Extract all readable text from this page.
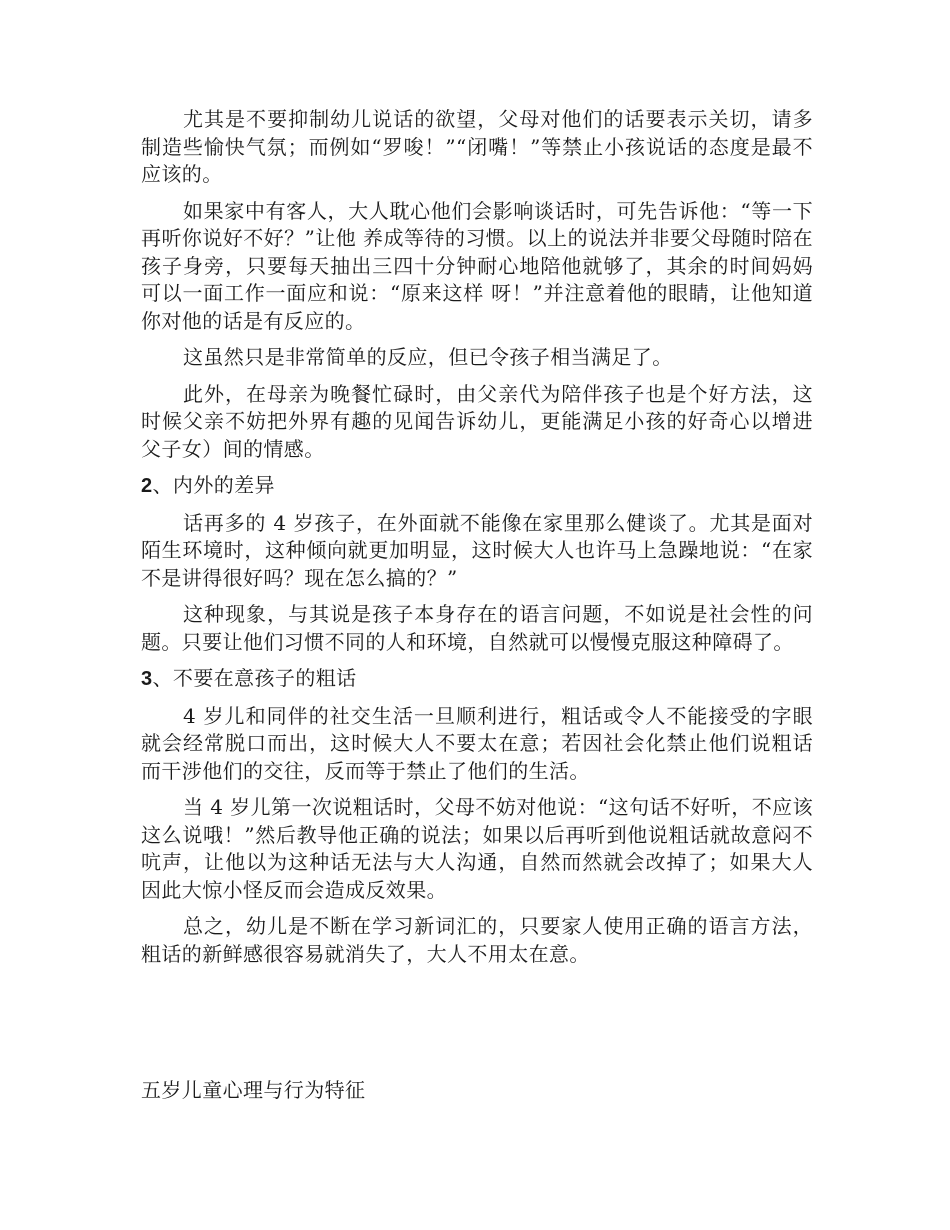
尤其是不要抑制幼儿说话的欲望，父母对他们的话要表示关切，请多制造些愉快气氛；而例如“罗唆！”“闭嘴！”等禁止小孩说话的态度是最不应该的。

如果家中有客人，大人耽心他们会影响谈话时，可先告诉他：“等一下再听你说好不好？”让他 养成等待的习惯。以上的说法并非要父母随时陪在孩子身旁，只要每天抽出三四十分钟耐心地陪他就够了，其余的时间妈妈可以一面工作一面应和说：“原来这样 呀！”并注意着他的眼睛，让他知道你对他的话是有反应的。

这虽然只是非常简单的反应，但已令孩子相当满足了。

此外，在母亲为晚餐忙碌时，由父亲代为陪伴孩子也是个好方法，这时候父亲不妨把外界有趣的见闻告诉幼儿，更能满足小孩的好奇心以增进父子女）间的情感。

2、内外的差异

话再多的 4 岁孩子，在外面就不能像在家里那么健谈了。尤其是面对陌生环境时，这种倾向就更加明显，这时候大人也许马上急躁地说：“在家不是讲得很好吗？现在怎么搞的？”

这种现象，与其说是孩子本身存在的语言问题，不如说是社会性的问题。只要让他们习惯不同的人和环境，自然就可以慢慢克服这种障碍了。

3、不要在意孩子的粗话

4 岁儿和同伴的社交生活一旦顺利进行，粗话或令人不能接受的字眼就会经常脱口而出，这时候大人不要太在意；若因社会化禁止他们说粗话而干涉他们的交往，反而等于禁止了他们的生活。

当 4 岁儿第一次说粗话时，父母不妨对他说：“这句话不好听，不应该这么说哦！”然后教导他正确的说法；如果以后再听到他说粗话就故意闷不吭声，让他以为这种话无法与大人沟通，自然而然就会改掉了；如果大人因此大惊小怪反而会造成反效果。

总之，幼儿是不断在学习新词汇的，只要家人使用正确的语言方法，粗话的新鲜感很容易就消失了，大人不用太在意。

五岁儿童心理与行为特征
